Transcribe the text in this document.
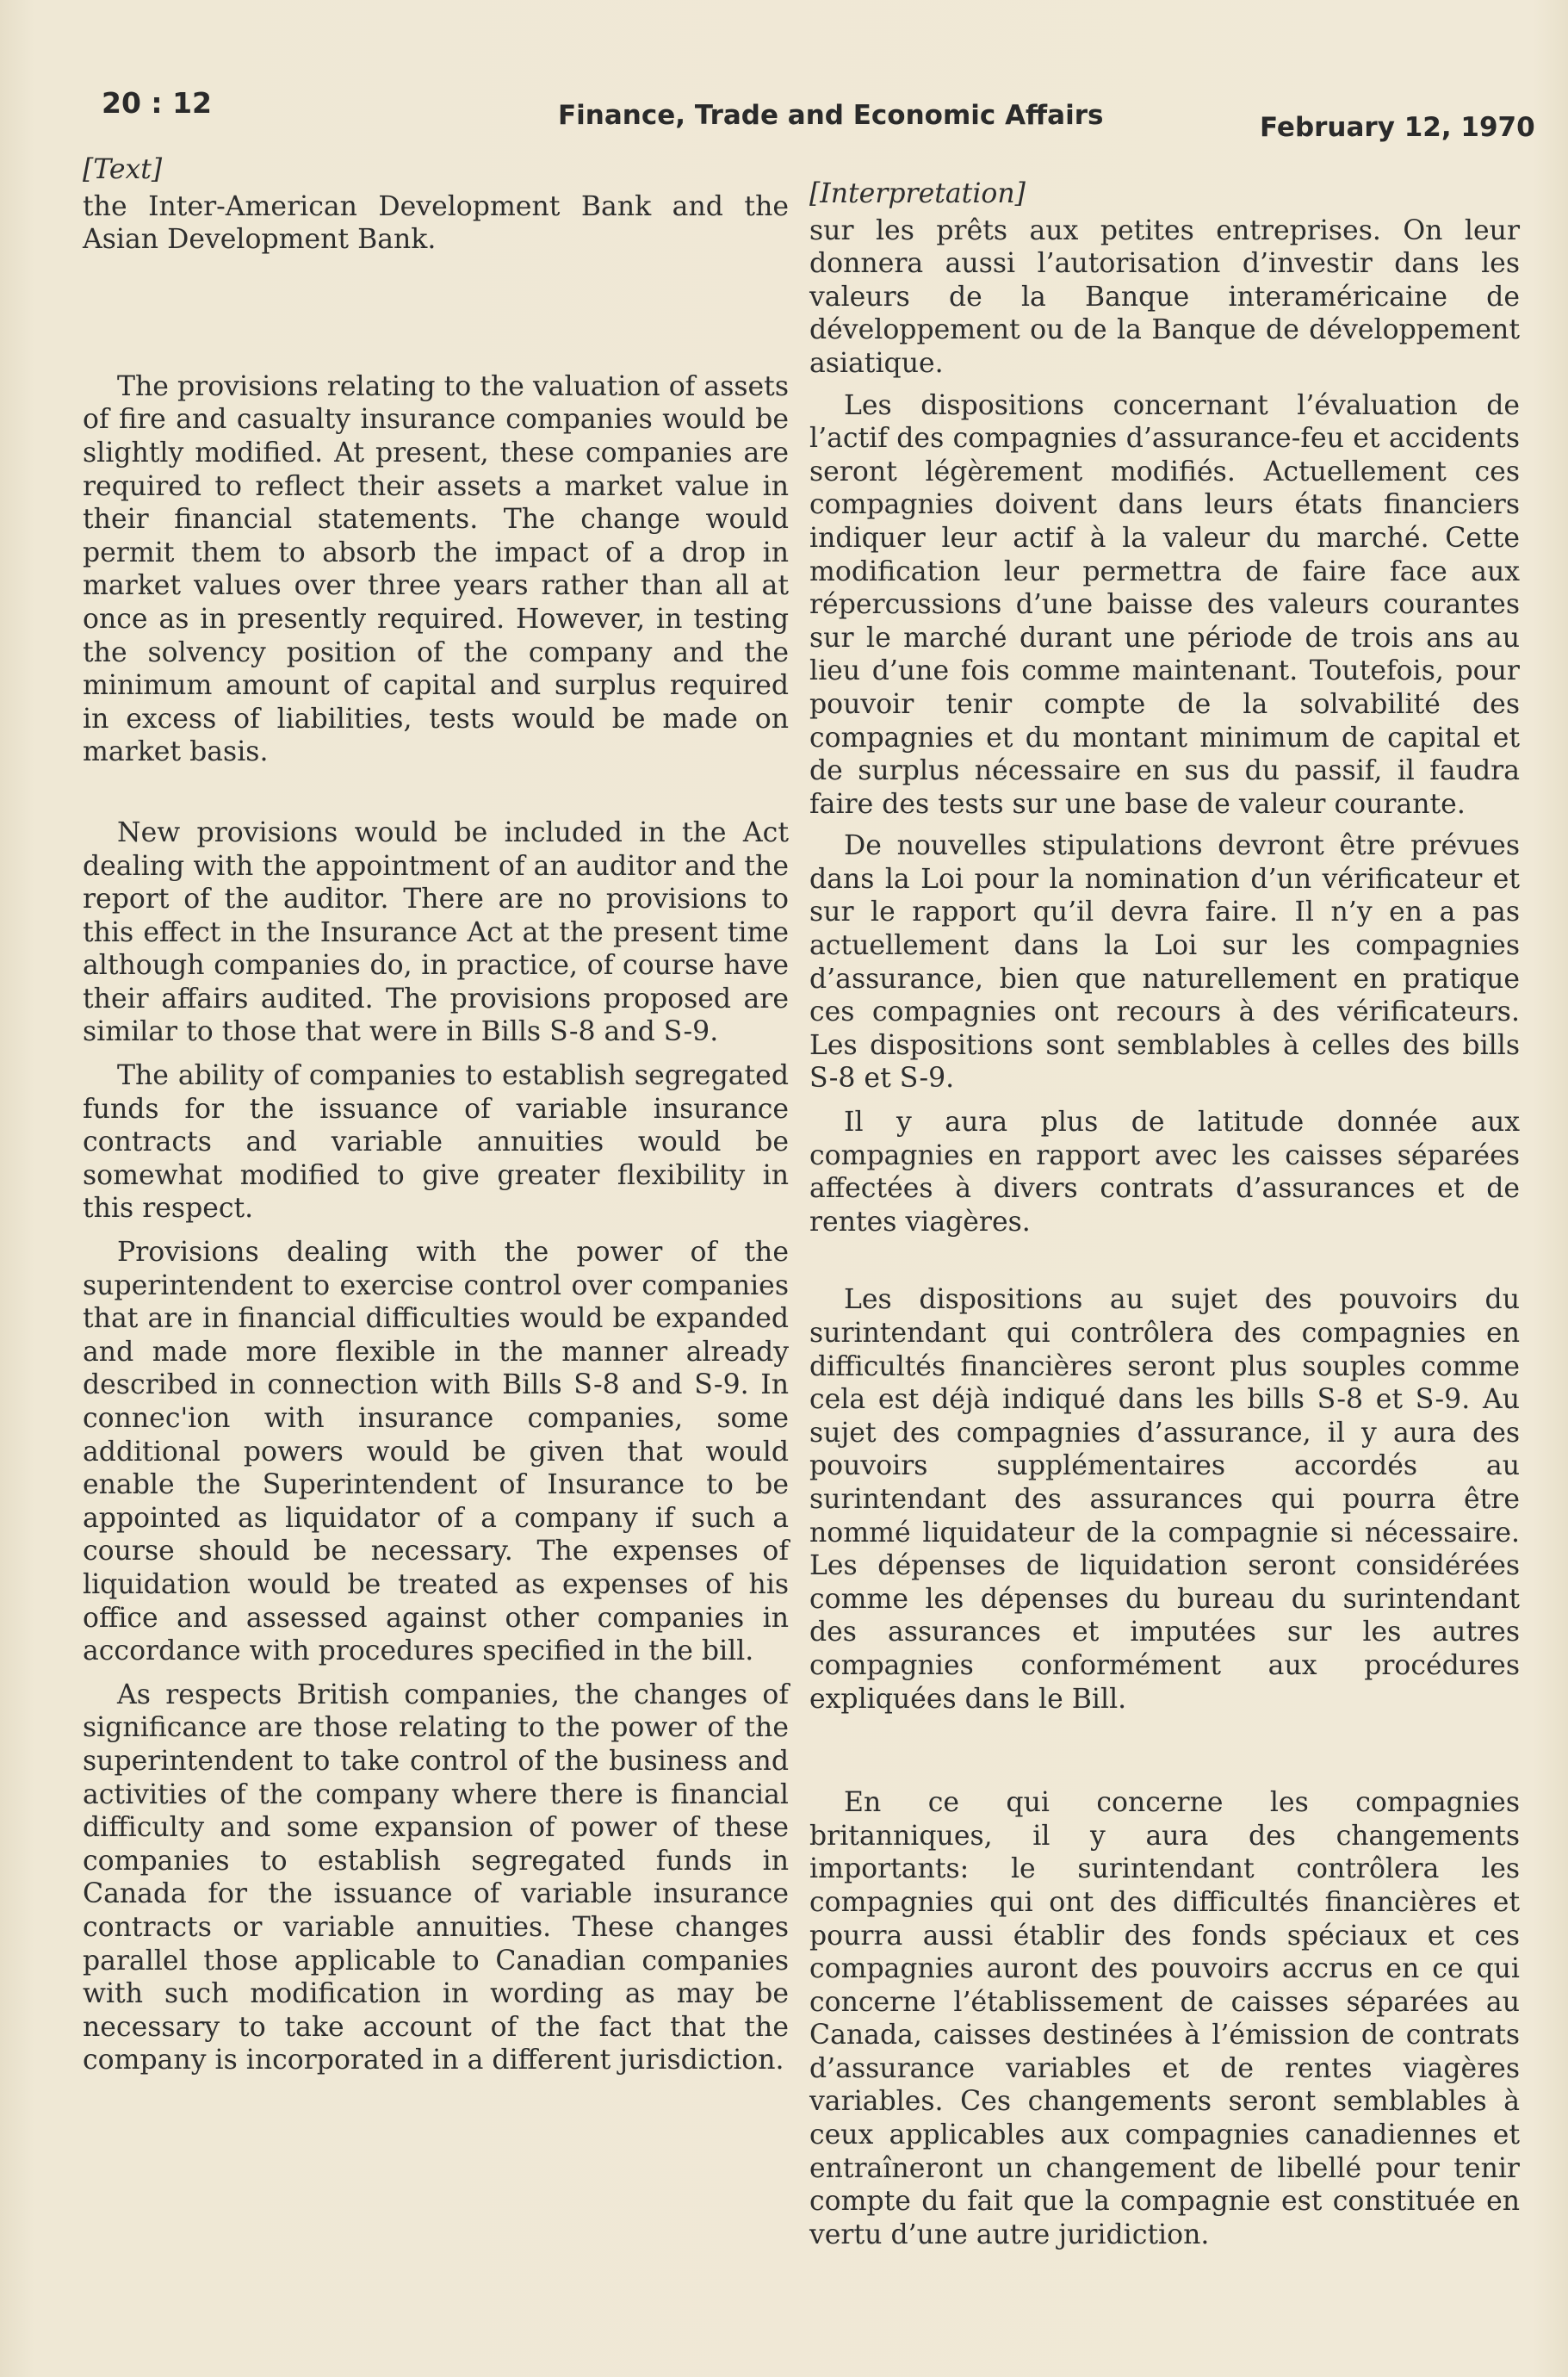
20 : 12	Finance, Trade and Economic Affairs	February 12, 1970
[Text]

the Inter-American Development Bank and the Asian Development Bank.

The provisions relating to the valuation of assets of fire and casualty insurance companies would be slightly modified. At present, these companies are required to reflect their assets a market value in their financial statements. The change would permit them to absorb the impact of a drop in market values over three years rather than all at once as in presently required. However, in testing the solvency position of the company and the minimum amount of capital and surplus required in excess of liabilities, tests would be made on market basis.

New provisions would be included in the Act dealing with the appointment of an auditor and the report of the auditor. There are no provisions to this effect in the Insurance Act at the present time although companies do, in practice, of course have their affairs audited. The provisions proposed are similar to those that were in Bills S-8 and S-9.

The ability of companies to establish segregated funds for the issuance of variable insurance contracts and variable annuities would be somewhat modified to give greater flexibility in this respect.

Provisions dealing with the power of the superintendent to exercise control over companies that are in financial difficulties would be expanded and made more flexible in the manner already described in connection with Bills S-8 and S-9. In connec'ion with insurance companies, some additional powers would be given that would enable the Superintendent of Insurance to be appointed as liquidator of a company if such a course should be necessary. The expenses of liquidation would be treated as expenses of his office and assessed against other companies in accordance with procedures specified in the bill.

As respects British companies, the changes of significance are those relating to the power of the superintendent to take control of the business and activities of the company where there is financial difficulty and some expansion of power of these companies to establish segregated funds in Canada for the issuance of variable insurance contracts or variable annuities. These changes parallel those applicable to Canadian companies with such modification in wording as may be necessary to take account of the fact that the company is incorporated in a different jurisdiction.

[Interpretation]

sur les prêts aux petites entreprises. On leur donnera aussi l’autorisation d’investir dans les valeurs de la Banque interaméricaine de développement ou de la Banque de développement asiatique.

Les dispositions concernant l’évaluation de l’actif des compagnies d’assurance-feu et accidents seront légèrement modifiés. Actuellement ces compagnies doivent dans leurs états financiers indiquer leur actif à la valeur du marché. Cette modification leur permettra de faire face aux répercussions d’une baisse des valeurs courantes sur le marché durant une période de trois ans au lieu d’une fois comme maintenant. Toutefois, pour pouvoir tenir compte de la solvabilité des compagnies et du montant minimum de capital et de surplus nécessaire en sus du passif, il faudra faire des tests sur une base de valeur courante.

De nouvelles stipulations devront être prévues dans la Loi pour la nomination d’un vérificateur et sur le rapport qu’il devra faire. Il n’y en a pas actuellement dans la Loi sur les compagnies d’assurance, bien que naturellement en pratique ces compagnies ont recours à des vérificateurs. Les dispositions sont semblables à celles des bills S-8 et S-9.

Il y aura plus de latitude donnée aux compagnies en rapport avec les caisses séparées affectées à divers contrats d’assurances et de rentes viagères.

Les dispositions au sujet des pouvoirs du surintendant qui contrôlera des compagnies en difficultés financières seront plus souples comme cela est déjà indiqué dans les bills S-8 et S-9. Au sujet des compagnies d’assurance, il y aura des pouvoirs supplémentaires accordés au surintendant des assurances qui pourra être nommé liquidateur de la compagnie si nécessaire. Les dépenses de liquidation seront considérées comme les dépenses du bureau du surintendant des assurances et imputées sur les autres compagnies conformément aux procédures expliquées dans le Bill.

En ce qui concerne les compagnies britanniques, il y aura des changements importants: le surintendant contrôlera les compagnies qui ont des difficultés financières et pourra aussi établir des fonds spéciaux et ces compagnies auront des pouvoirs accrus en ce qui concerne l’établissement de caisses séparées au Canada, caisses destinées à l’émission de contrats d’assurance variables et de rentes viagères variables. Ces changements seront semblables à ceux applicables aux compagnies canadiennes et entraîneront un changement de libellé pour tenir compte du fait que la compagnie est constituée en vertu d’une autre juridiction.
